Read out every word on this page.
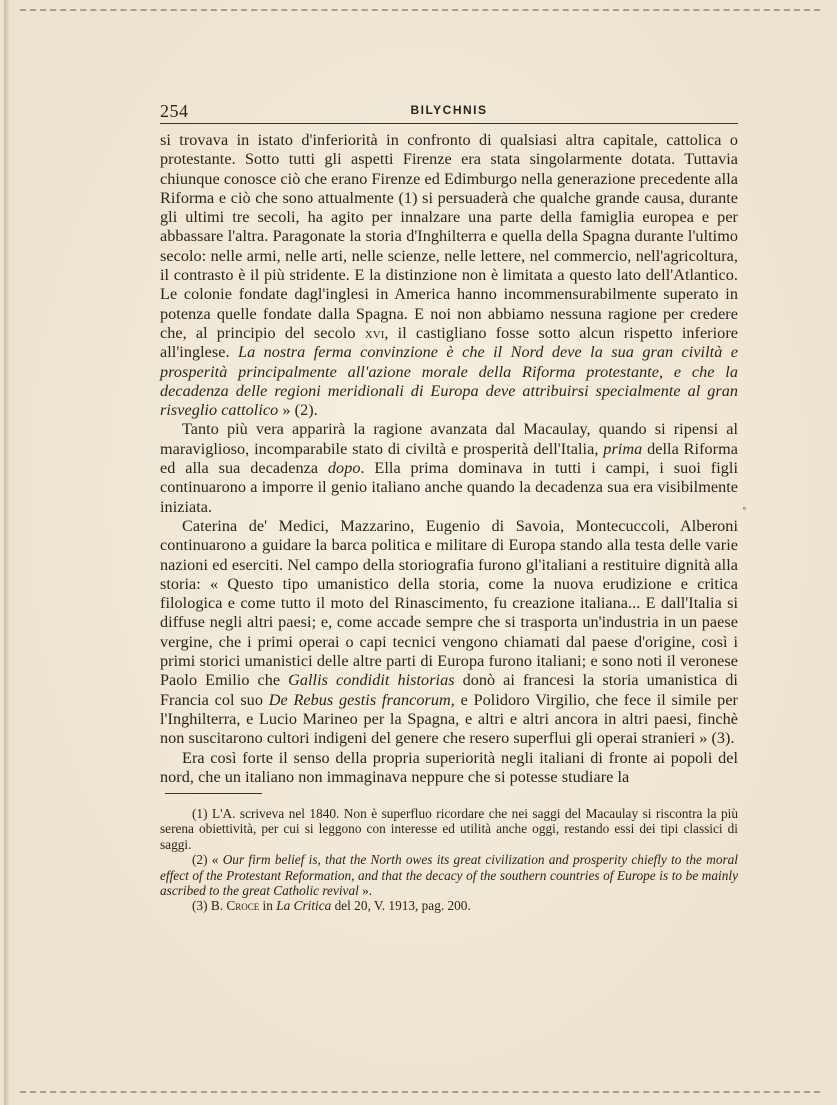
254	BILYCHNIS

si trovava in istato d'inferiorità in confronto di qualsiasi altra capitale, cattolica o protestante. Sotto tutti gli aspetti Firenze era stata singolarmente dotata. Tuttavia chiunque conosce ciò che erano Firenze ed Edimburgo nella generazione precedente alla Riforma e ciò che sono attualmente (1) si persuaderà che qualche grande causa, durante gli ultimi tre secoli, ha agito per innalzare una parte della famiglia europea e per abbassare l'altra. Paragonate la storia d'Inghilterra e quella della Spagna durante l'ultimo secolo: nelle armi, nelle arti, nelle scienze, nelle lettere, nel commercio, nell'agricoltura, il contrasto è il più stridente. E la distinzione non è limitata a questo lato dell'Atlantico. Le colonie fondate dagl'inglesi in America hanno incommensurabilmente superato in potenza quelle fondate dalla Spagna. E noi non abbiamo nessuna ragione per credere che, al principio del secolo xvi, il castigliano fosse sotto alcun rispetto inferiore all'inglese. La nostra ferma convinzione è che il Nord deve la sua gran civiltà e prosperità principalmente all'azione morale della Riforma protestante, e che la decadenza delle regioni meridionali di Europa deve attribuirsi specialmente al gran risveglio cattolico » (2).

Tanto più vera apparirà la ragione avanzata dal Macaulay, quando si ripensi al maraviglioso, incomparabile stato di civiltà e prosperità dell'Italia, prima della Riforma ed alla sua decadenza dopo. Ella prima dominava in tutti i campi, i suoi figli continuarono a imporre il genio italiano anche quando la decadenza sua era visibilmente iniziata.

Caterina de' Medici, Mazzarino, Eugenio di Savoia, Montecuccoli, Alberoni continuarono a guidare la barca politica e militare di Europa stando alla testa delle varie nazioni ed eserciti. Nel campo della storiografia furono gl'italiani a restituire dignità alla storia: « Questo tipo umanistico della storia, come la nuova erudizione e critica filologica e come tutto il moto del Rinascimento, fu creazione italiana... E dall'Italia si diffuse negli altri paesi; e, come accade sempre che si trasporta un'industria in un paese vergine, che i primi operai o capi tecnici vengono chiamati dal paese d'origine, così i primi storici umanistici delle altre parti di Europa furono italiani; e sono noti il veronese Paolo Emilio che Gallis condidit historias donò ai francesi la storia umanistica di Francia col suo De Rebus gestis francorum, e Polidoro Virgilio, che fece il simile per l'Inghilterra, e Lucio Marineo per la Spagna, e altri e altri ancora in altri paesi, finchè non suscitarono cultori indigeni del genere che resero superflui gli operai stranieri » (3).

Era così forte il senso della propria superiorità negli italiani di fronte ai popoli del nord, che un italiano non immaginava neppure che si potesse studiare la

˚

(1) L'A. scriveva nel 1840. Non è superfluo ricordare che nei saggi del Macaulay si riscontra la più serena obiettività, per cui si leggono con interesse ed utilità anche oggi, restando essi dei tipi classici di saggi.

(2) « Our firm belief is, that the North owes its great civilization and prosperity chiefly to the moral effect of the Protestant Reformation, and that the decacy of the southern countries of Europe is to be mainly ascribed to the great Catholic revival ».

(3) B. Croce in La Critica del 20, V. 1913, pag. 200.
